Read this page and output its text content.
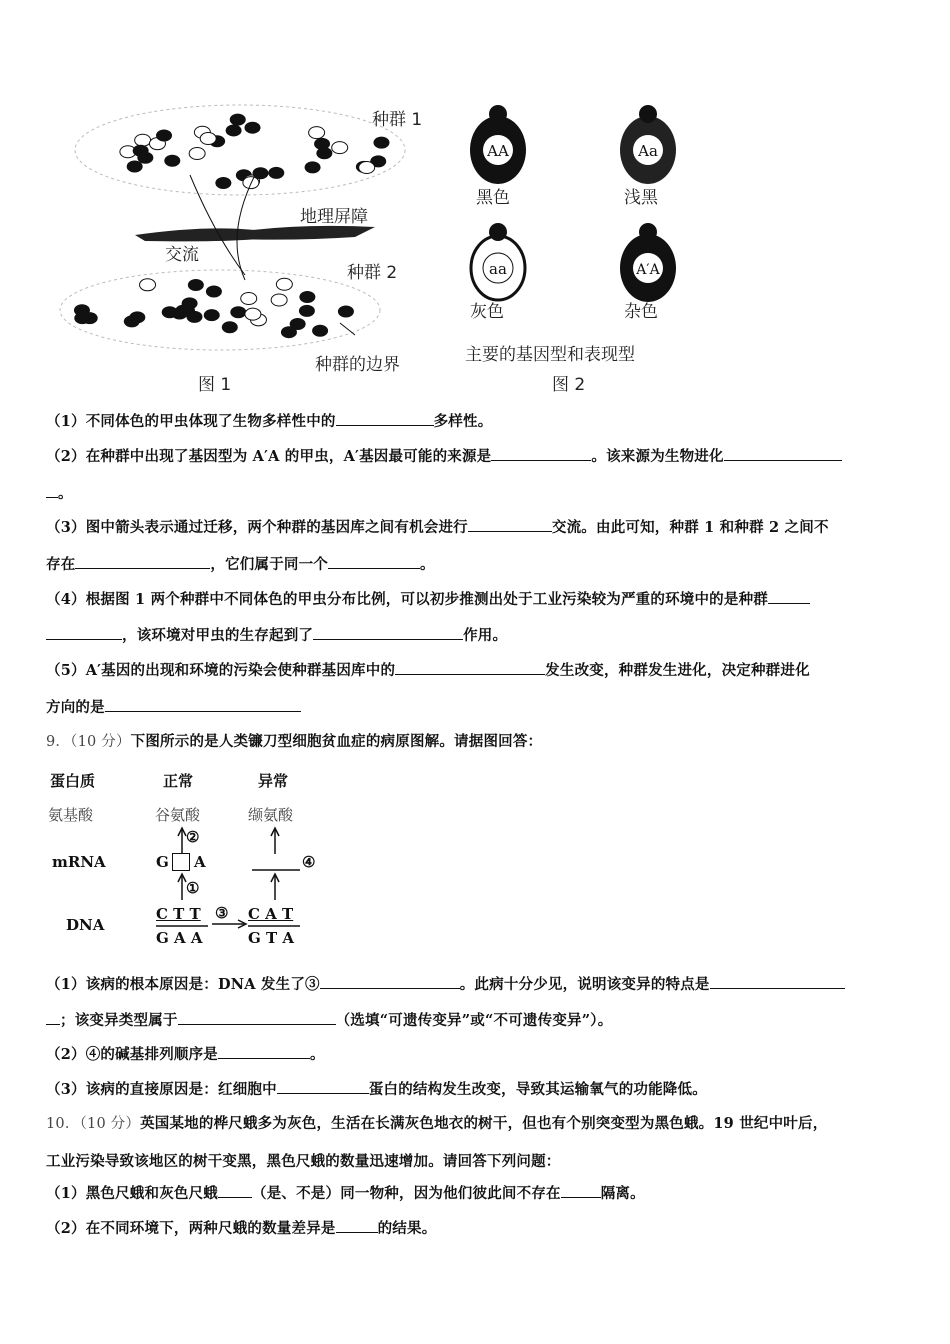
种群 1
地理屏障
交流
种群 2
种群的边界
图 1
AA	Aa
aa	A′A
黑色	浅黑
灰色	杂色
主要的基因型和表现型
图 2
（1）不同体色的甲虫体现了生物多样性中的	多样性。
（2）在种群中出现了基因型为 A′A 的甲虫，A′基因最可能的来源是	。该来源为生物进化
。
（3）图中箭头表示通过迁移，两个种群的基因库之间有机会进行	交流。由此可知，种群 1 和种群 2 之间不
存在	，它们属于同一个	。
（4）根据图 1 两个种群中不同体色的甲虫分布比例，可以初步推测出处于工业污染较为严重的环境中的是种群
，该环境对甲虫的生存起到了	作用。
（5）A′基因的出现和环境的污染会使种群基因库中的	发生改变，种群发生进化，决定种群进化
方向的是
9．（10 分）下图所示的是人类镰刀型细胞贫血症的病原图解。请据图回答：
蛋白质	正常	异常
氨基酸	谷氨酸	缬氨酸
mRNA
DNA
G A
②
①
③
④
C T T
G A A
C A T
G T A
（1）该病的根本原因是：DNA 发生了③	。此病十分少见，说明该变异的特点是
；该变异类型属于	（选填“可遗传变异”或“不可遗传变异”）。
（2）④的碱基排列顺序是	。
（3）该病的直接原因是：红细胞中	蛋白的结构发生改变，导致其运输氧气的功能降低。
10．（10 分）英国某地的桦尺蛾多为灰色，生活在长满灰色地衣的树干，但也有个别突变型为黑色蛾。19 世纪中叶后，
工业污染导致该地区的树干变黑，黑色尺蛾的数量迅速增加。请回答下列问题：
（1）黑色尺蛾和灰色尺蛾 （是、不是）同一物种，因为他们彼此间不存在	隔离。
（2）在不同环境下，两种尺蛾的数量差异是	的结果。
